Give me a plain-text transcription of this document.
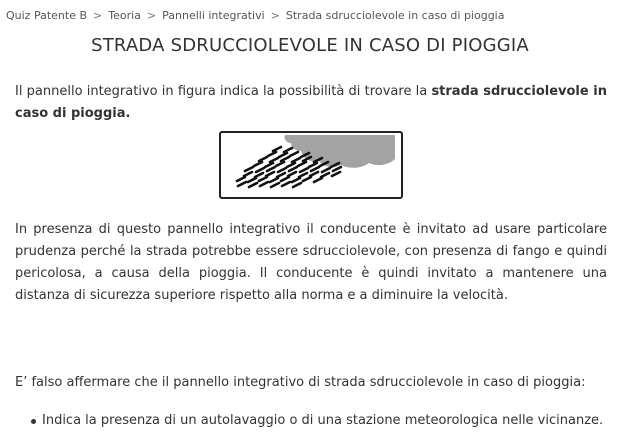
Quiz Patente B > Teoria > Pannelli integrativi > Strada sdrucciolevole in caso di pioggia
STRADA SDRUCCIOLEVOLE IN CASO DI PIOGGIA

Il pannello integrativo in figura indica la possibilità di trovare la strada sdrucciolevole in caso di pioggia.

In presenza di questo pannello integrativo il conducente è invitato ad usare particolare prudenza perché la strada potrebbe essere sdrucciolevole, con presenza di fango e quindi pericolosa, a causa della pioggia. Il conducente è quindi invitato a mantenere una distanza di sicurezza superiore rispetto alla norma e a diminuire la velocità.

E’ falso affermare che il pannello integrativo di strada sdrucciolevole in caso di pioggia:

Indica la presenza di un autolavaggio o di una stazione meteorologica nelle vicinanze.
